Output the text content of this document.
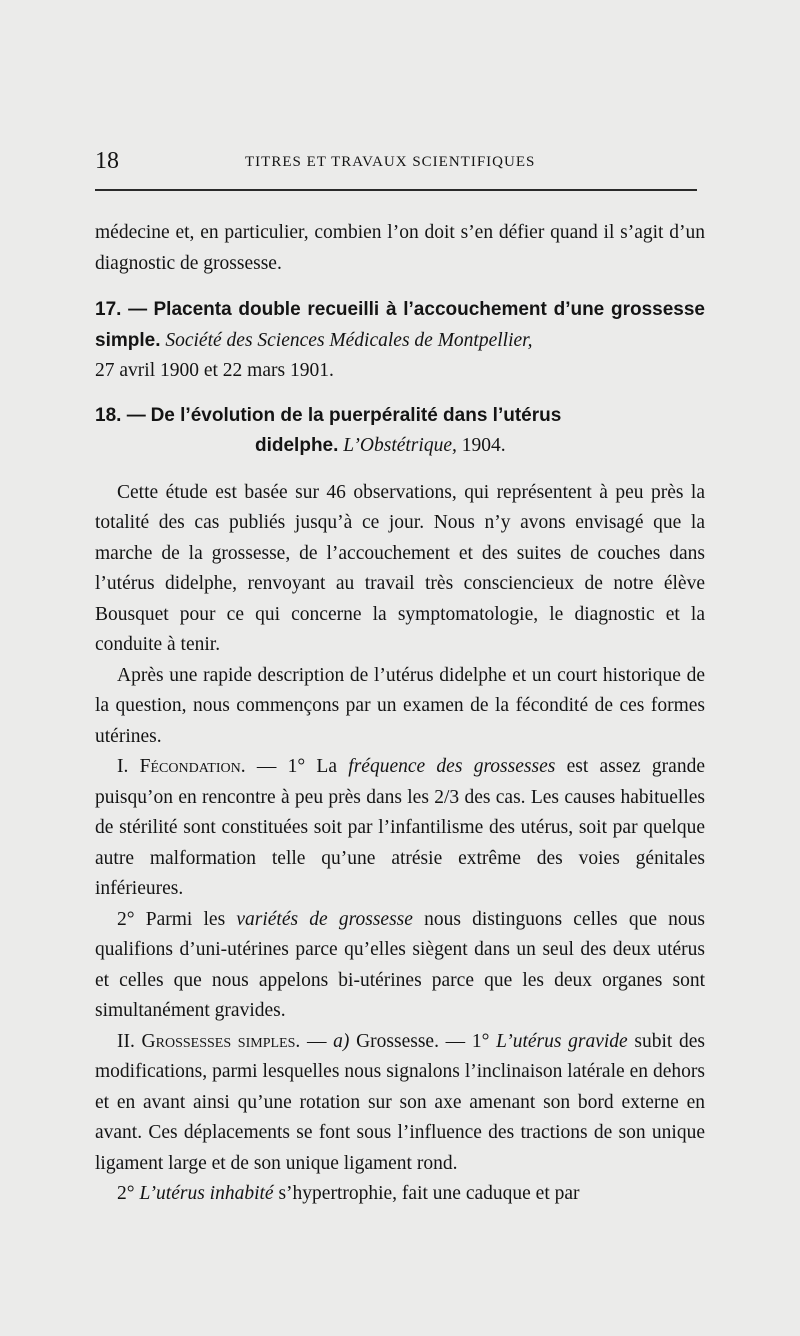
18	TITRES ET TRAVAUX SCIENTIFIQUES

médecine et, en particulier, combien l’on doit s’en défier quand il s’agit d’un diagnostic de grossesse.

17. — Placenta double recueilli à l’accouchement d’une grossesse simple. Société des Sciences Médicales de Montpellier,
27 avril 1900 et 22 mars 1901.

18. — De l’évolution de la puerpéralité dans l’utérus
didelphe. L’Obstétrique, 1904.

Cette étude est basée sur 46 observations, qui représentent à peu près la totalité des cas publiés jusqu’à ce jour. Nous n’y avons envisagé que la marche de la grossesse, de l’accouchement et des suites de couches dans l’utérus didelphe, renvoyant au travail très consciencieux de notre élève Bousquet pour ce qui concerne la symptomatologie, le diagnostic et la conduite à tenir.

Après une rapide description de l’utérus didelphe et un court historique de la question, nous commençons par un examen de la fécondité de ces formes utérines.

I. Fécondation. — 1° La fréquence des grossesses est assez grande puisqu’on en rencontre à peu près dans les 2/3 des cas. Les causes habituelles de stérilité sont constituées soit par l’infantilisme des utérus, soit par quelque autre malformation telle qu’une atrésie extrême des voies génitales inférieures.

2° Parmi les variétés de grossesse nous distinguons celles que nous qualifions d’uni-utérines parce qu’elles siègent dans un seul des deux utérus et celles que nous appelons bi-utérines parce que les deux organes sont simultanément gravides.

II. Grossesses simples. — a) Grossesse. — 1° L’utérus gravide subit des modifications, parmi lesquelles nous signalons l’inclinaison latérale en dehors et en avant ainsi qu’une rotation sur son axe amenant son bord externe en avant. Ces déplacements se font sous l’influence des tractions de son unique ligament large et de son unique ligament rond.

2° L’utérus inhabité s’hypertrophie, fait une caduque et par
